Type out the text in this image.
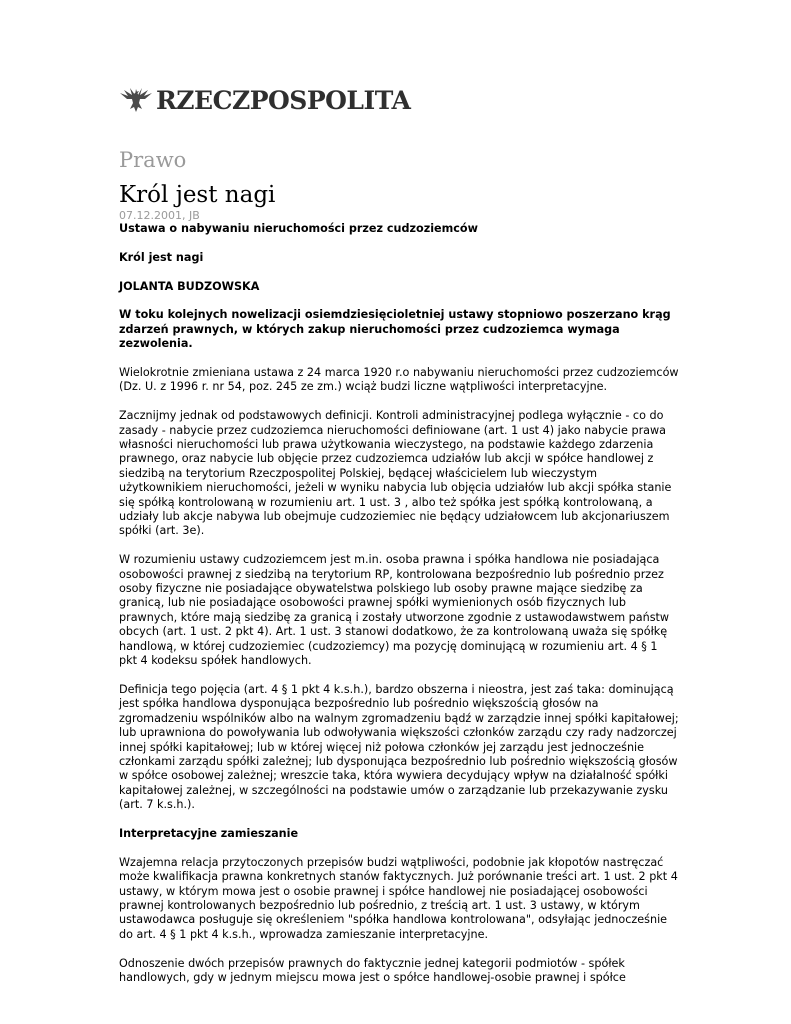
RZECZPOSPOLITA
Prawo
Król jest nagi
07.12.2001, JB

Ustawa o nabywaniu nieruchomości przez cudzoziemców

Król jest nagi

JOLANTA BUDZOWSKA

W toku kolejnych nowelizacji osiemdziesięcioletniej ustawy stopniowo poszerzano krąg zdarzeń prawnych, w których zakup nieruchomości przez cudzoziemca wymaga zezwolenia.

Wielokrotnie zmieniana ustawa z 24 marca 1920 r.o nabywaniu nieruchomości przez cudzoziemców (Dz. U. z 1996 r. nr 54, poz. 245 ze zm.) wciąż budzi liczne wątpliwości interpretacyjne.

Zacznijmy jednak od podstawowych definicji. Kontroli administracyjnej podlega wyłącznie - co do zasady - nabycie przez cudzoziemca nieruchomości definiowane (art. 1 ust 4) jako nabycie prawa własności nieruchomości lub prawa użytkowania wieczystego, na podstawie każdego zdarzenia prawnego, oraz nabycie lub objęcie przez cudzoziemca udziałów lub akcji w spółce handlowej z siedzibą na terytorium Rzeczpospolitej Polskiej, będącej właścicielem lub wieczystym użytkownikiem nieruchomości, jeżeli w wyniku nabycia lub objęcia udziałów lub akcji spółka stanie się spółką kontrolowaną w rozumieniu art. 1 ust. 3 , albo też spółka jest spółką kontrolowaną, a udziały lub akcje nabywa lub obejmuje cudzoziemiec nie będący udziałowcem lub akcjonariuszem spółki (art. 3e).

W rozumieniu ustawy cudzoziemcem jest m.in. osoba prawna i spółka handlowa nie posiadająca osobowości prawnej z siedzibą na terytorium RP, kontrolowana bezpośrednio lub pośrednio przez osoby fizyczne nie posiadające obywatelstwa polskiego lub osoby prawne mające siedzibę za granicą, lub nie posiadające osobowości prawnej spółki wymienionych osób fizycznych lub prawnych, które mają siedzibę za granicą i zostały utworzone zgodnie z ustawodawstwem państw obcych (art. 1 ust. 2 pkt 4). Art. 1 ust. 3 stanowi dodatkowo, że za kontrolowaną uważa się spółkę handlową, w której cudzoziemiec (cudzoziemcy) ma pozycję dominującą w rozumieniu art. 4 § 1 pkt 4 kodeksu spółek handlowych.

Definicja tego pojęcia (art. 4 § 1 pkt 4 k.s.h.), bardzo obszerna i nieostra, jest zaś taka: dominującą jest spółka handlowa dysponująca bezpośrednio lub pośrednio większością głosów na zgromadzeniu wspólników albo na walnym zgromadzeniu bądź w zarządzie innej spółki kapitałowej; lub uprawniona do powoływania lub odwoływania większości członków zarządu czy rady nadzorczej innej spółki kapitałowej; lub w której więcej niż połowa członków jej zarządu jest jednocześnie członkami zarządu spółki zależnej; lub dysponująca bezpośrednio lub pośrednio większością głosów w spółce osobowej zależnej; wreszcie taka, która wywiera decydujący wpływ na działalność spółki kapitałowej zależnej, w szczególności na podstawie umów o zarządzanie lub przekazywanie zysku (art. 7 k.s.h.).

Interpretacyjne zamieszanie

Wzajemna relacja przytoczonych przepisów budzi wątpliwości, podobnie jak kłopotów nastręczać może kwalifikacja prawna konkretnych stanów faktycznych. Już porównanie treści art. 1 ust. 2 pkt 4 ustawy, w którym mowa jest o osobie prawnej i spółce handlowej nie posiadającej osobowości prawnej kontrolowanych bezpośrednio lub pośrednio, z treścią art. 1 ust. 3 ustawy, w którym ustawodawca posługuje się określeniem "spółka handlowa kontrolowana", odsyłając jednocześnie do art. 4 § 1 pkt 4 k.s.h., wprowadza zamieszanie interpretacyjne.

Odnoszenie dwóch przepisów prawnych do faktycznie jednej kategorii podmiotów - spółek handlowych, gdy w jednym miejscu mowa jest o spółce handlowej-osobie prawnej i spółce
